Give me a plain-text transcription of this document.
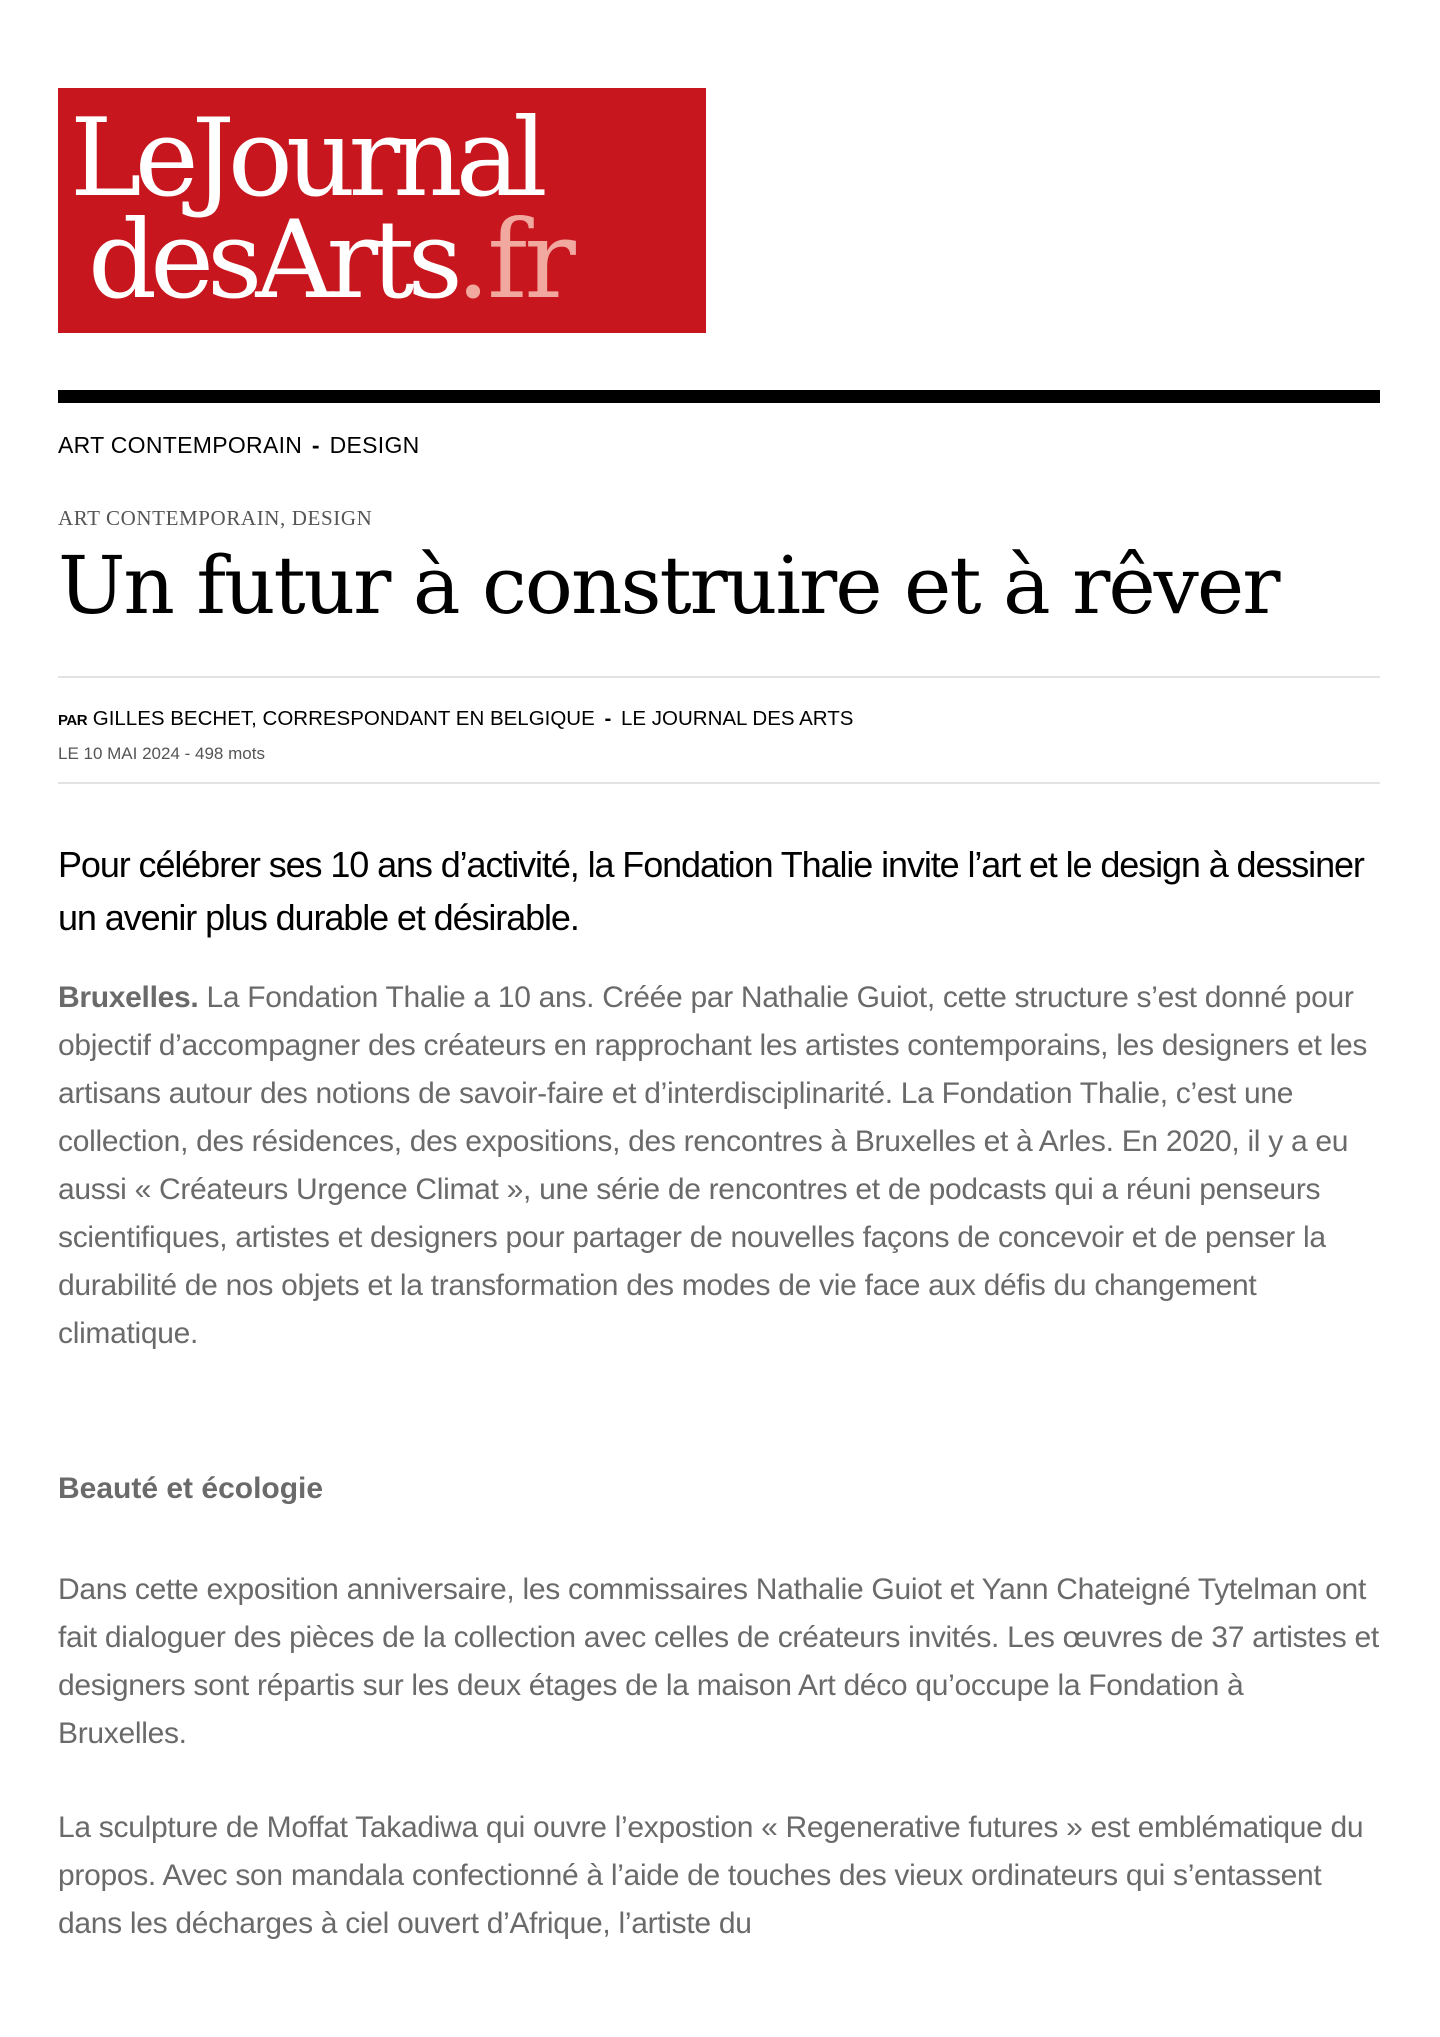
LeJournal
desArts.fr
ART CONTEMPORAIN - DESIGN
ART CONTEMPORAIN, DESIGN
Un futur à construire et à rêver
PAR GILLES BECHET, CORRESPONDANT EN BELGIQUE - LE JOURNAL DES ARTS
LE 10 MAI 2024 - 498 mots

Pour célébrer ses 10 ans d’activité, la Fondation Thalie invite l’art et le design à dessiner un avenir plus durable et désirable.

Bruxelles. La Fondation Thalie a 10 ans. Créée par Nathalie Guiot, cette structure s’est donné pour objectif d’accompagner des créateurs en rapprochant les artistes contemporains, les designers et les artisans autour des notions de savoir-faire et d’interdisciplinarité. La Fondation Thalie, c’est une collection, des résidences, des expositions, des rencontres à Bruxelles et à Arles. En 2020, il y a eu aussi « Créateurs Urgence Climat », une série de rencontres et de podcasts qui a réuni penseurs scientifiques, artistes et designers pour partager de nouvelles façons de concevoir et de penser la durabilité de nos objets et la transformation des modes de vie face aux défis du changement climatique.

Beauté et écologie

Dans cette exposition anniversaire, les commissaires Nathalie Guiot et Yann Chateigné Tytelman ont fait dialoguer des pièces de la collection avec celles de créateurs invités. Les œuvres de 37 artistes et designers sont répartis sur les deux étages de la maison Art déco qu’occupe la Fondation à Bruxelles.

La sculpture de Moffat Takadiwa qui ouvre l’expostion « Regenerative futures » est emblématique du propos. Avec son mandala confectionné à l’aide de touches des vieux ordinateurs qui s’entassent dans les décharges à ciel ouvert d’Afrique, l’artiste du
